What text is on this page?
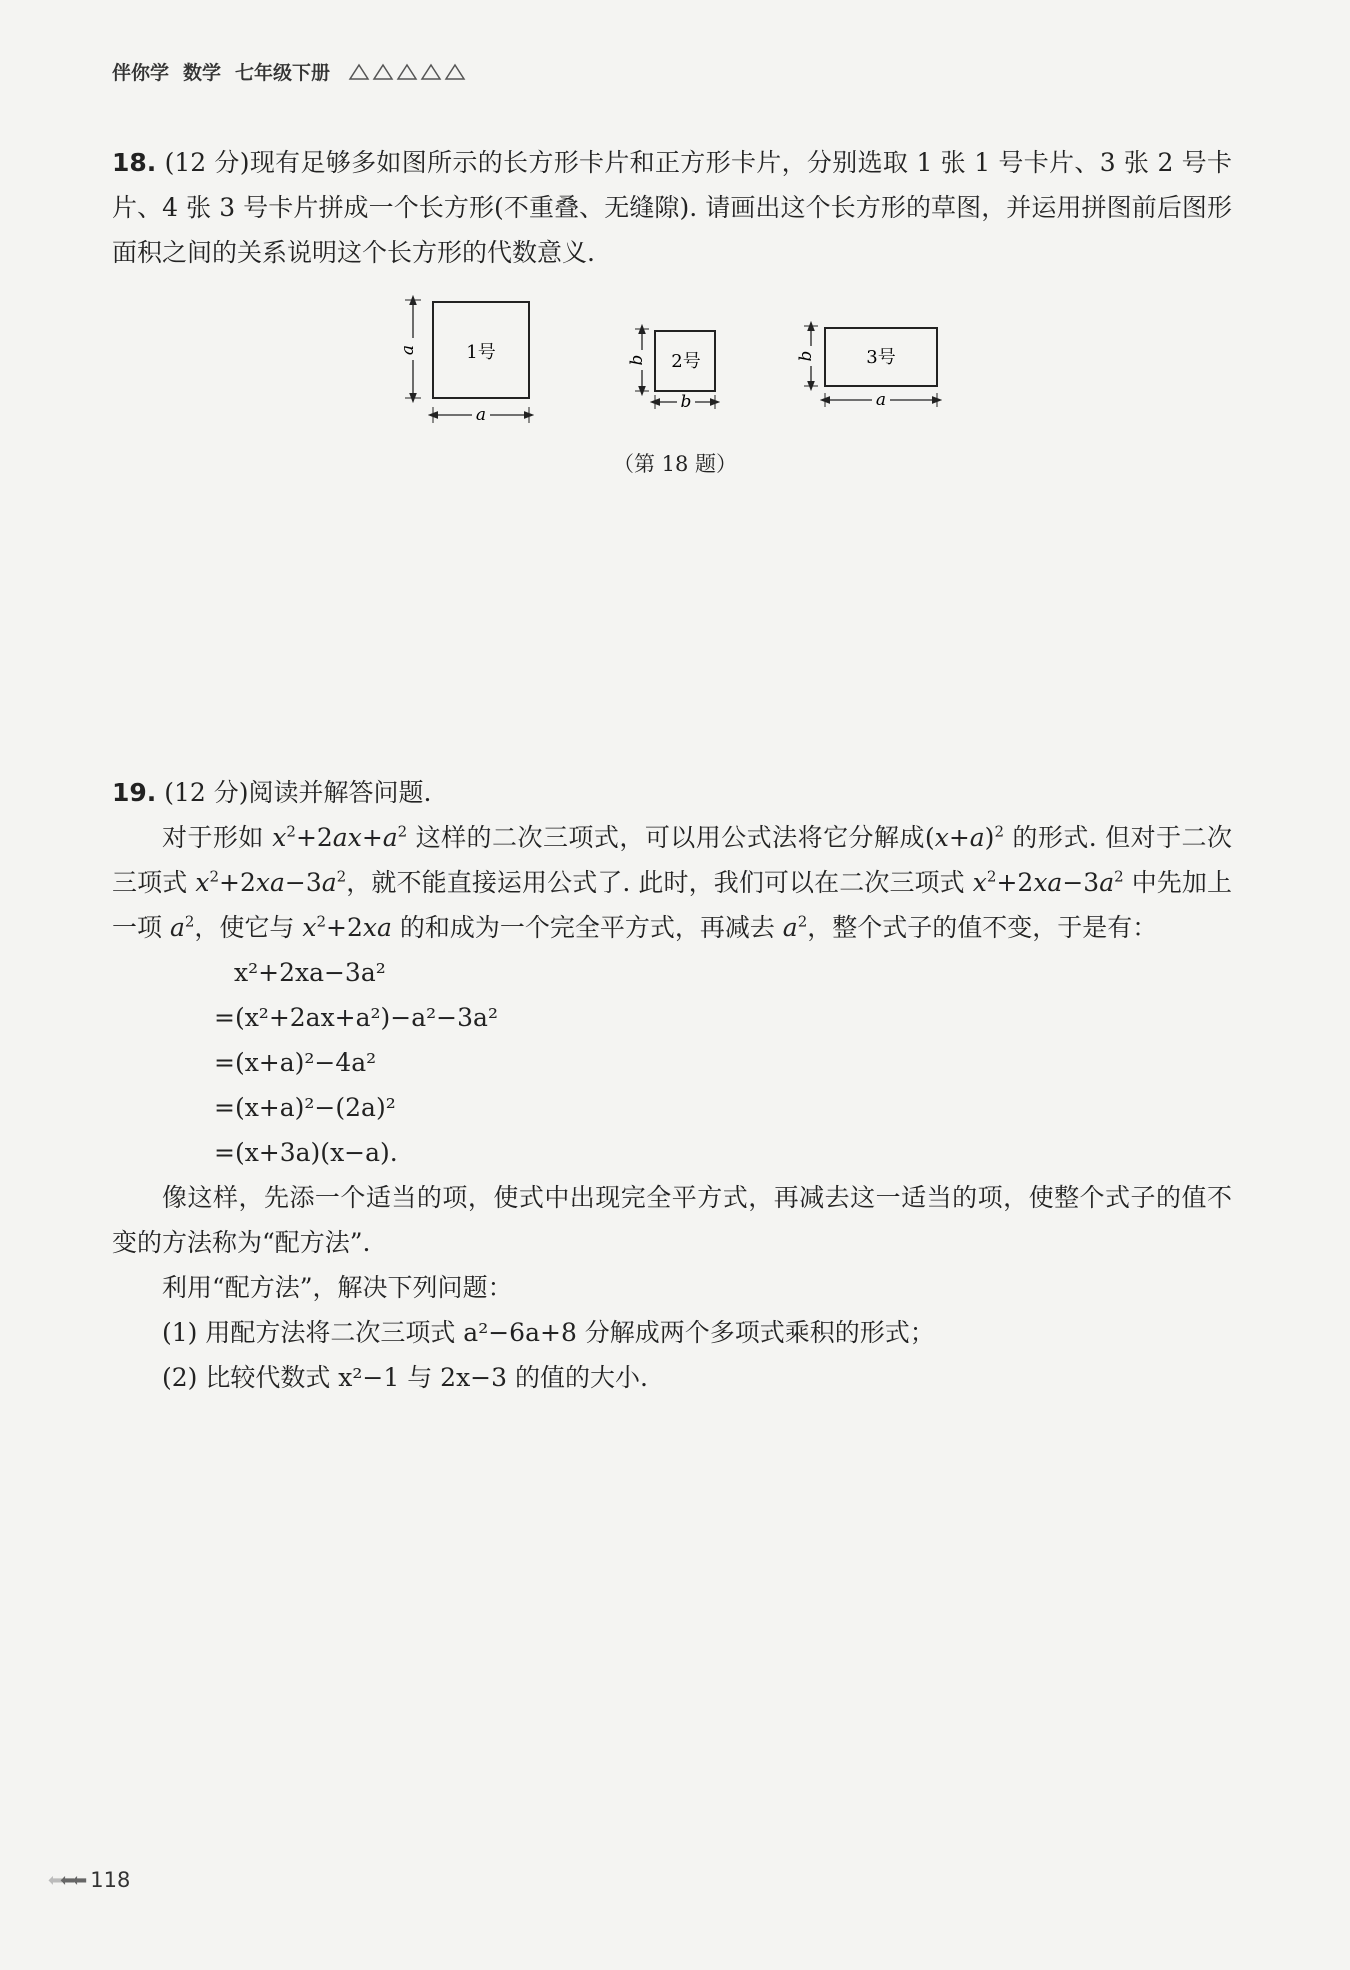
伴你学 数学 七年级下册

18. (12 分)现有足够多如图所示的长方形卡片和正方形卡片，分别选取 1 张 1 号卡片、3 张 2 号卡片、4 张 3 号卡片拼成一个长方形(不重叠、无缝隙). 请画出这个长方形的草图，并运用拼图前后图形面积之间的关系说明这个长方形的代数意义.

1号
a
a
2号
b
b
3号
b
a
（第 18 题）

19. (12 分)阅读并解答问题.

对于形如 $x^2+2ax+a^2$ 这样的二次三项式，可以用公式法将它分解成$(x+a)^2$ 的形式. 但对于二次三项式 $x^2+2xa-3a^2$，就不能直接运用公式了. 此时，我们可以在二次三项式 $x^2+2xa-3a^2$ 中先加上一项 $a^2$，使它与 $x^2+2xa$ 的和成为一个完全平方式，再减去 $a^2$，整个式子的值不变，于是有：

x²+2xa−3a²
=(x²+2ax+a²)−a²−3a²
=(x+a)²−4a²
=(x+a)²−(2a)²
=(x+3a)(x−a).

像这样，先添一个适当的项，使式中出现完全平方式，再减去这一适当的项，使整个式子的值不变的方法称为“配方法”.

利用“配方法”，解决下列问题：

(1) 用配方法将二次三项式 a²−6a+8 分解成两个多项式乘积的形式；

(2) 比较代数式 x²−1 与 2x−3 的值的大小.

⬅⬅⬅ 118
